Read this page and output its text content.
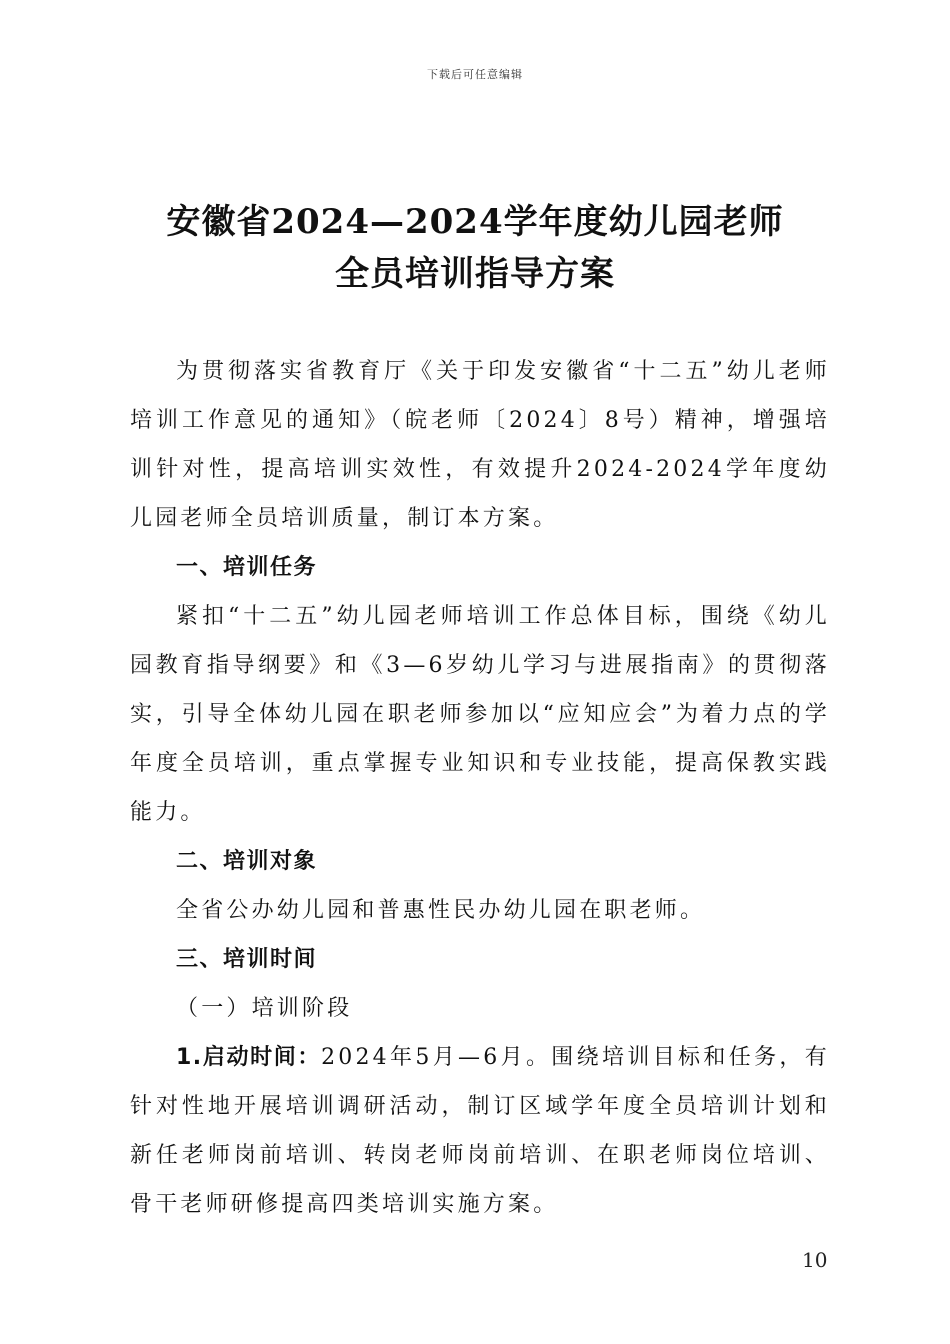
下载后可任意编辑
安徽省2024—2024学年度幼儿园老师
全员培训指导方案

为贯彻落实省教育厅《关于印发安徽省“十二五”幼儿老师培训工作意见的通知》（皖老师〔2024〕8号）精神，增强培训针对性，提高培训实效性，有效提升2024-2024学年度幼儿园老师全员培训质量，制订本方案。

一、培训任务

紧扣“十二五”幼儿园老师培训工作总体目标，围绕《幼儿园教育指导纲要》和《3—6岁幼儿学习与进展指南》的贯彻落实，引导全体幼儿园在职老师参加以“应知应会”为着力点的学年度全员培训，重点掌握专业知识和专业技能，提高保教实践能力。

二、培训对象

全省公办幼儿园和普惠性民办幼儿园在职老师。

三、培训时间

（一）培训阶段

1.启动时间：2024年5月—6月。围绕培训目标和任务，有针对性地开展培训调研活动，制订区域学年度全员培训计划和新任老师岗前培训、转岗老师岗前培训、在职老师岗位培训、骨干老师研修提高四类培训实施方案。

10
